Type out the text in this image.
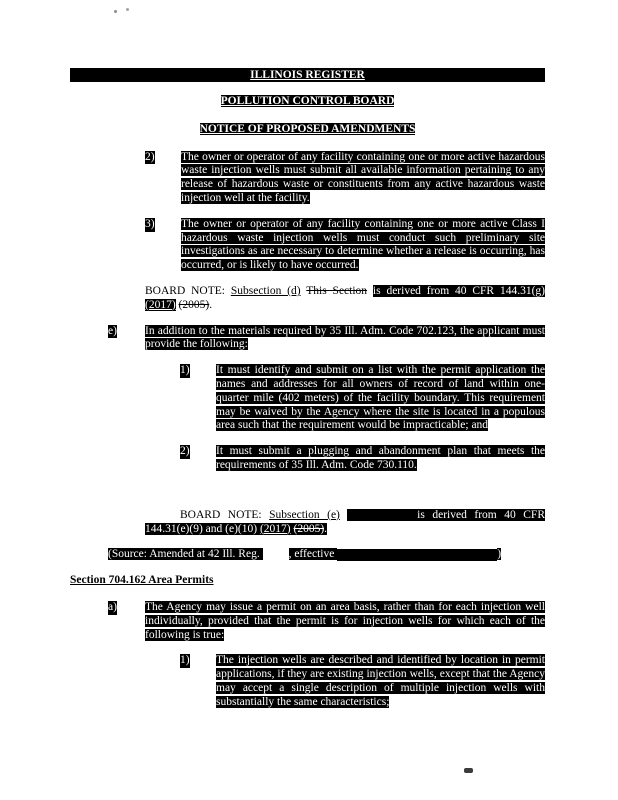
ILLINOIS REGISTER
POLLUTION CONTROL BOARD
NOTICE OF PROPOSED AMENDMENTS
2) The owner or operator of any facility containing one or more active hazardous waste injection wells must submit all available information pertaining to any release of hazardous waste or constituents from any active hazardous waste injection well at the facility.
3) The owner or operator of any facility containing one or more active Class I hazardous waste injection wells must conduct such preliminary site investigations as are necessary to determine whether a release is occurring, has occurred, or is likely to have occurred.
BOARD NOTE: Subsection (d) This Section is derived from 40 CFR 144.31(g) (2017) (2005).
e) In addition to the materials required by 35 Ill. Adm. Code 702.123, the applicant must provide the following:
1) It must identify and submit on a list with the permit application the names and addresses for all owners of record of land within one-quarter mile (402 meters) of the facility boundary. This requirement may be waived by the Agency where the site is located in a populous area such that the requirement would be impracticable; and
2) It must submit a plugging and abandonment plan that meets the requirements of 35 Ill. Adm. Code 730.110.
BOARD NOTE: Subsection (e) This Section is derived from 40 CFR 144.31(e)(9) and (e)(10) (2017) (2005).
(Source: Amended at 42 Ill. Reg. , effective	)
Section 704.162 Area Permits
a) The Agency may issue a permit on an area basis, rather than for each injection well individually, provided that the permit is for injection wells for which each of the following is true:
1) The injection wells are described and identified by location in permit applications, if they are existing injection wells, except that the Agency may accept a single description of multiple injection wells with substantially the same characteristics;
